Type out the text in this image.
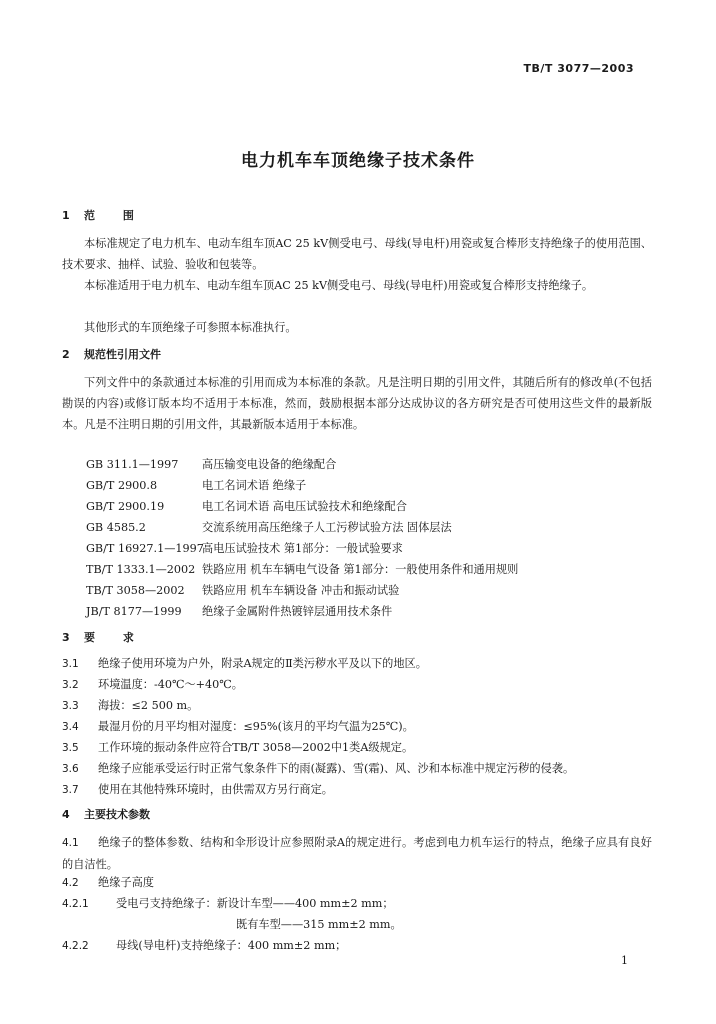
TB/T 3077—2003
电力机车车顶绝缘子技术条件
1 范 围

本标准规定了电力机车、电动车组车顶AC 25 kV侧受电弓、母线(导电杆)用瓷或复合棒形支持绝缘子的使用范围、技术要求、抽样、试验、验收和包装等。

本标准适用于电力机车、电动车组车顶AC 25 kV侧受电弓、母线(导电杆)用瓷或复合棒形支持绝缘子。

其他形式的车顶绝缘子可参照本标准执行。

2 规范性引用文件

下列文件中的条款通过本标准的引用而成为本标准的条款。凡是注明日期的引用文件，其随后所有的修改单(不包括勘误的内容)或修订版本均不适用于本标准，然而，鼓励根据本部分达成协议的各方研究是否可使用这些文件的最新版本。凡是不注明日期的引用文件，其最新版本适用于本标准。

GB 311.1—1997 高压输变电设备的绝缘配合
GB/T 2900.8	电工名词术语 绝缘子
GB/T 2900.19	电工名词术语 高电压试验技术和绝缘配合
GB 4585.2	交流系统用高压绝缘子人工污秽试验方法 固体层法
GB/T 16927.1—1997高电压试验技术 第1部分：一般试验要求
TB/T 1333.1—2002 铁路应用 机车车辆电气设备 第1部分：一般使用条件和通用规则
TB/T 3058—2002 铁路应用 机车车辆设备 冲击和振动试验
JB/T 8177—1999 绝缘子金属附件热镀锌层通用技术条件
3 要 求
3.1 绝缘子使用环境为户外，附录A规定的Ⅱ类污秽水平及以下的地区。
3.2 环境温度：-40℃～+40℃。
3.3 海拔：≤2 500 m。
3.4 最湿月份的月平均相对湿度：≤95%(该月的平均气温为25℃)。
3.5 工作环境的振动条件应符合TB/T 3058—2002中1类A级规定。
3.6 绝缘子应能承受运行时正常气象条件下的雨(凝露)、雪(霜)、风、沙和本标准中规定污秽的侵袭。
3.7 使用在其他特殊环境时，由供需双方另行商定。
4 主要技术参数

4.1 绝缘子的整体参数、结构和伞形设计应参照附录A的规定进行。考虑到电力机车运行的特点，绝缘子应具有良好的自洁性。

4.2 绝缘子高度
4.2.1 受电弓支持绝缘子：新设计车型——400 mm±2 mm；
既有车型——315 mm±2 mm。
4.2.2 母线(导电杆)支持绝缘子：400 mm±2 mm；
1
